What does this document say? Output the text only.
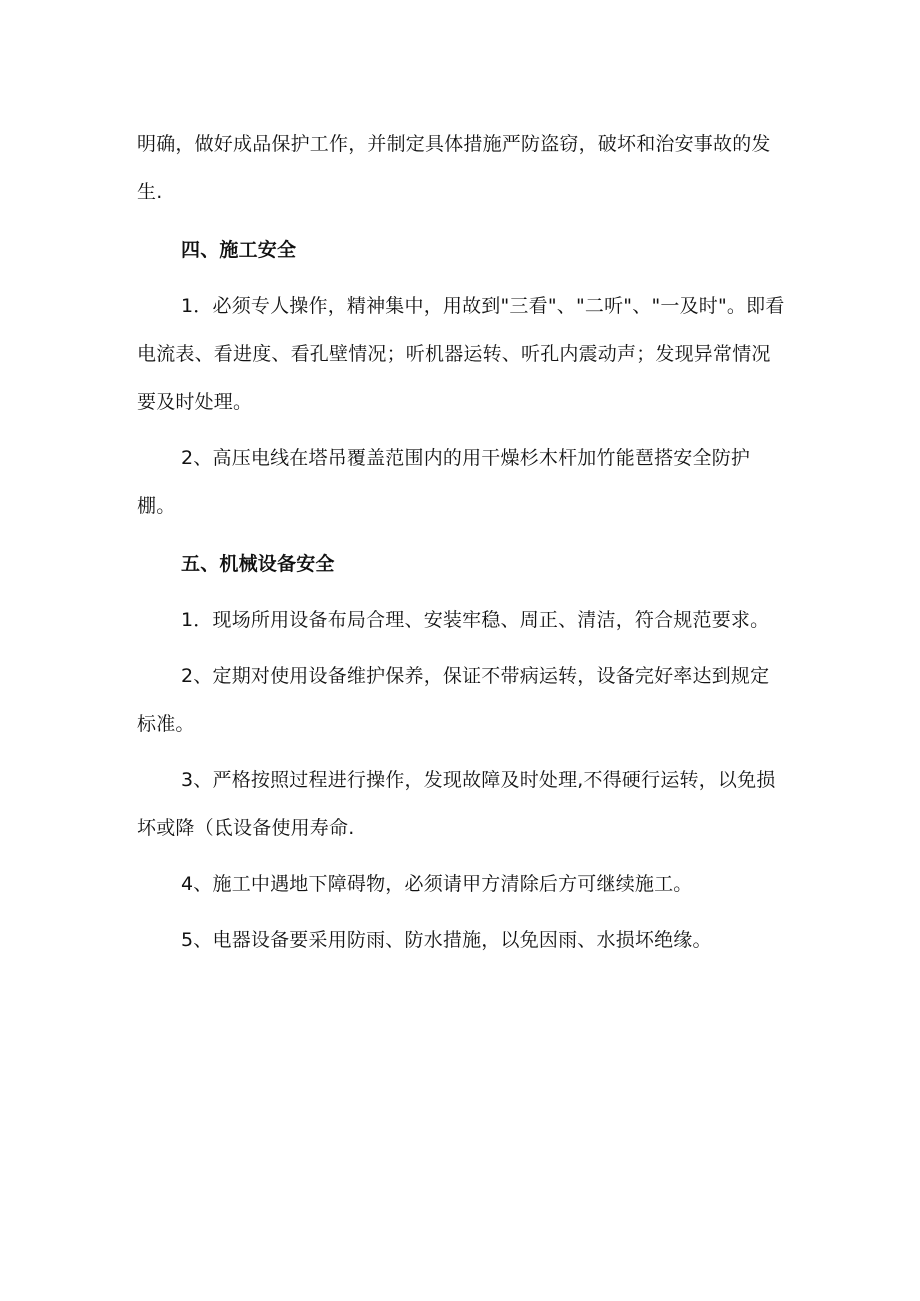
明确，做好成品保护工作，并制定具体措施严防盗窃，破坏和治安事故的发生.

四、施工安全

1．必须专人操作，精神集中，用故到"三看"、"二听"、"一及时"。即看电流表、看进度、看孔壁情况；听机器运转、听孔内震动声；发现异常情况要及时处理。

2、高压电线在塔吊覆盖范围内的用干燥杉木杆加竹能琶搭安全防护棚。

五、机械设备安全

1．现场所用设备布局合理、安装牢稳、周正、清洁，符合规范要求。

2、定期对使用设备维护保养，保证不带病运转，设备完好率达到规定标准。

3、严格按照过程进行操作，发现故障及时处理,不得硬行运转，以免损坏或降（氐设备使用寿命.

4、施工中遇地下障碍物，必须请甲方清除后方可继续施工。

5、电器设备要采用防雨、防水措施，以免因雨、水损坏绝缘。
